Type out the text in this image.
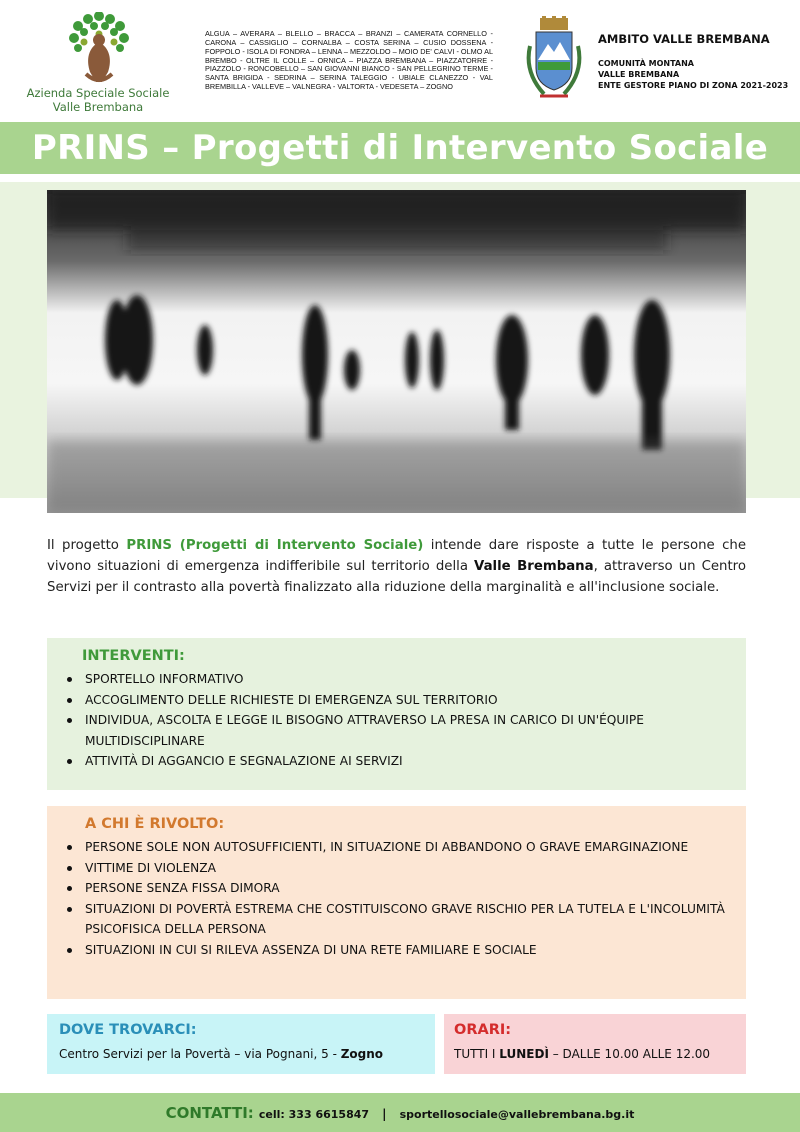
Azienda Speciale Sociale
Valle Brembana
ALGUA – AVERARA – BLELLO – BRACCA – BRANZI – CAMERATA CORNELLO - CARONA – CASSIGLIO – CORNALBA – COSTA SERINA – CUSIO DOSSENA - FOPPOLO - ISOLA DI FONDRA – LENNA – MEZZOLDO – MOIO DE' CALVI - OLMO AL BREMBO - OLTRE IL COLLE – ORNICA – PIAZZA BREMBANA – PIAZZATORRE - PIAZZOLO - RONCOBELLO – SAN GIOVANNI BIANCO - SAN PELLEGRINO TERME - SANTA BRIGIDA - SEDRINA – SERINA TALEGGIO - UBIALE CLANEZZO - VAL BREMBILLA - VALLEVE – VALNEGRA - VALTORTA - VEDESETA – ZOGNO
AMBITO VALLE BREMBANA
COMUNITÀ MONTANA
VALLE BREMBANA
ENTE GESTORE PIANO DI ZONA 2021-2023
PRINS – Progetti di Intervento Sociale

Il progetto PRINS (Progetti di Intervento Sociale) intende dare risposte a tutte le persone che vivono situazioni di emergenza indifferibile sul territorio della Valle Brembana, attraverso un Centro Servizi per il contrasto alla povertà finalizzato alla riduzione della marginalità e all'inclusione sociale.

INTERVENTI:
SPORTELLO INFORMATIVO
ACCOGLIMENTO DELLE RICHIESTE DI EMERGENZA SUL TERRITORIO
INDIVIDUA, ASCOLTA E LEGGE IL BISOGNO ATTRAVERSO LA PRESA IN CARICO DI UN'ÉQUIPE MULTIDISCIPLINARE
ATTIVITÀ DI AGGANCIO E SEGNALAZIONE AI SERVIZI
A CHI È RIVOLTO:
PERSONE SOLE NON AUTOSUFFICIENTI, IN SITUAZIONE DI ABBANDONO O GRAVE EMARGINAZIONE
VITTIME DI VIOLENZA
PERSONE SENZA FISSA DIMORA
SITUAZIONI DI POVERTÀ ESTREMA CHE COSTITUISCONO GRAVE RISCHIO PER LA TUTELA E L'INCOLUMITÀ PSICOFISICA DELLA PERSONA
SITUAZIONI IN CUI SI RILEVA ASSENZA DI UNA RETE FAMILIARE E SOCIALE
DOVE TROVARCI:

Centro Servizi per la Povertà – via Pognani, 5 - Zogno

ORARI:

TUTTI I LUNEDÌ – DALLE 10.00 ALLE 12.00

CONTATTI: cell: 333 6615847 | sportellosociale@vallebrembana.bg.it
